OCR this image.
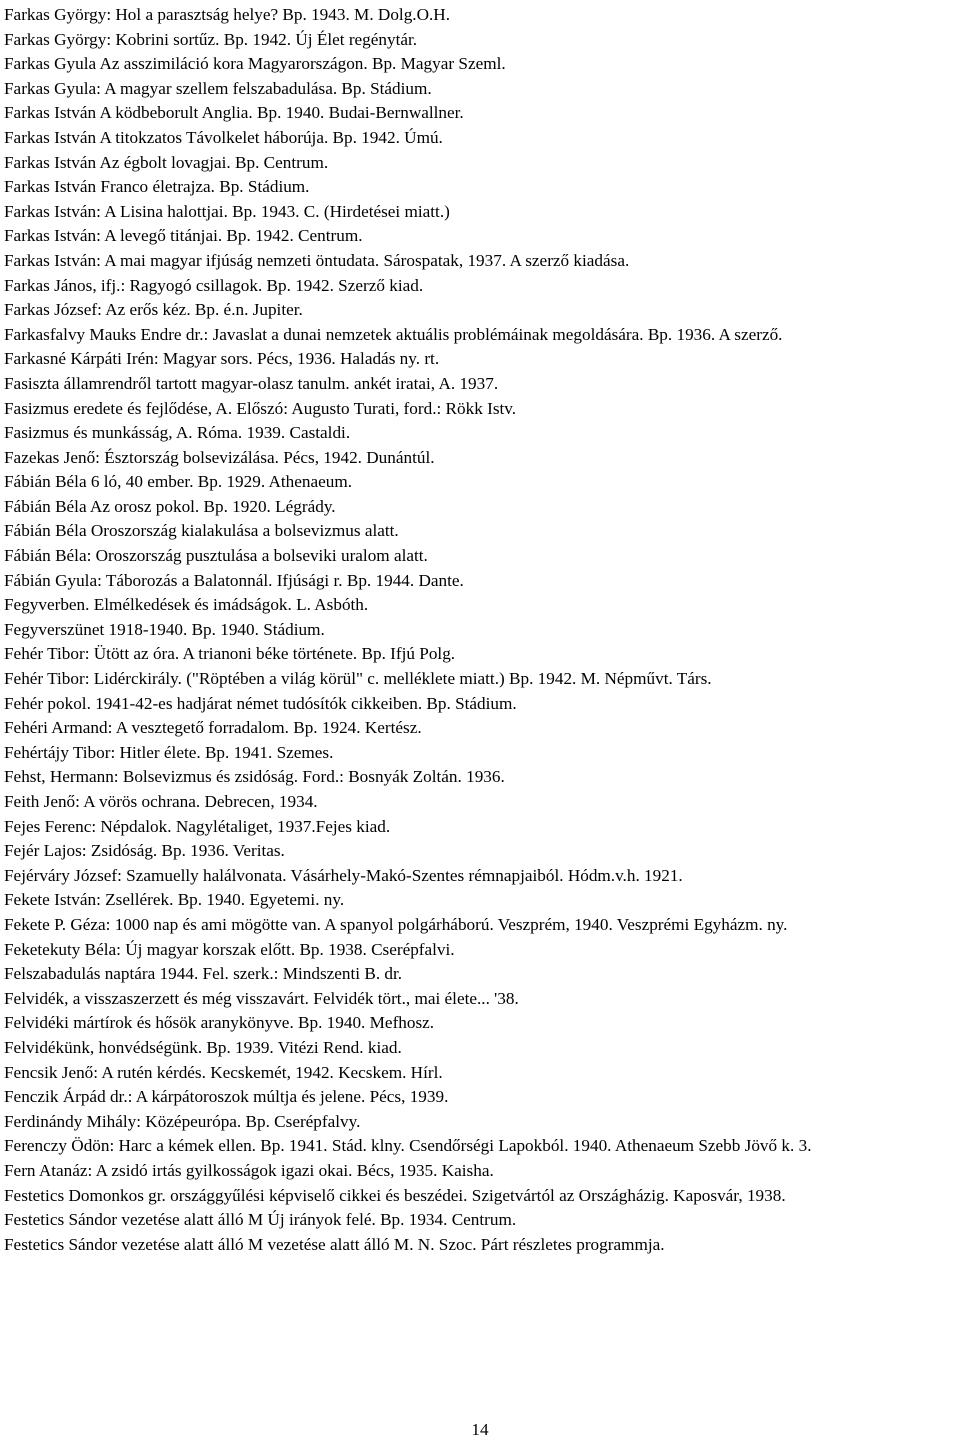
Farkas György: Hol a parasztság helye? Bp. 1943. M. Dolg.O.H.

Farkas György: Kobrini sortűz. Bp. 1942. Új Élet regénytár.

Farkas Gyula Az asszimiláció kora Magyarországon. Bp. Magyar Szeml.

Farkas Gyula: A magyar szellem felszabadulása. Bp. Stádium.

Farkas István A ködbeborult Anglia. Bp. 1940. Budai-Bernwallner.

Farkas István A titokzatos Távolkelet háborúja. Bp. 1942. Úmú.

Farkas István Az égbolt lovagjai. Bp. Centrum.

Farkas István Franco életrajza. Bp. Stádium.

Farkas István: A Lisina halottjai. Bp. 1943. C. (Hirdetései miatt.)

Farkas István: A levegő titánjai. Bp. 1942. Centrum.

Farkas István: A mai magyar ifjúság nemzeti öntudata. Sárospatak, 1937. A szerző kiadása.

Farkas János, ifj.: Ragyogó csillagok. Bp. 1942. Szerző kiad.

Farkas József: Az erős kéz. Bp. é.n. Jupiter.

Farkasfalvy Mauks Endre dr.: Javaslat a dunai nemzetek aktuális problémáinak megoldására. Bp. 1936. A szerző.

Farkasné Kárpáti Irén: Magyar sors. Pécs, 1936. Haladás ny. rt.

Fasiszta államrendről tartott magyar-olasz tanulm. ankét iratai, A. 1937.

Fasizmus eredete és fejlődése, A. Előszó: Augusto Turati, ford.: Rökk Istv.

Fasizmus és munkásság, A. Róma. 1939. Castaldi.

Fazekas Jenő: Észtország bolsevizálása. Pécs, 1942. Dunántúl.

Fábián Béla 6 ló, 40 ember. Bp. 1929. Athenaeum.

Fábián Béla Az orosz pokol. Bp. 1920. Légrády.

Fábián Béla Oroszország kialakulása a bolsevizmus alatt.

Fábián Béla: Oroszország pusztulása a bolseviki uralom alatt.

Fábián Gyula: Táborozás a Balatonnál. Ifjúsági r. Bp. 1944. Dante.

Fegyverben. Elmélkedések és imádságok. L. Asbóth.

Fegyverszünet 1918-1940. Bp. 1940. Stádium.

Fehér Tibor: Ütött az óra. A trianoni béke története. Bp. Ifjú Polg.

Fehér Tibor: Lidérckirály. ("Röptében a világ körül" c. melléklete miatt.) Bp. 1942. M. Népművt. Társ.

Fehér pokol. 1941-42-es hadjárat német tudósítók cikkeiben. Bp. Stádium.

Fehéri Armand: A vesztegető forradalom. Bp. 1924. Kertész.

Fehértájy Tibor: Hitler élete. Bp. 1941. Szemes.

Fehst, Hermann: Bolsevizmus és zsidóság. Ford.: Bosnyák Zoltán. 1936.

Feith Jenő: A vörös ochrana. Debrecen, 1934.

Fejes Ferenc: Népdalok. Nagylétaliget, 1937.Fejes kiad.

Fejér Lajos: Zsidóság. Bp. 1936. Veritas.

Fejérváry József: Szamuelly halálvonata. Vásárhely-Makó-Szentes rémnapjaiból. Hódm.v.h. 1921.

Fekete István: Zsellérek. Bp. 1940. Egyetemi. ny.

Fekete P. Géza: 1000 nap és ami mögötte van. A spanyol polgárháború. Veszprém, 1940. Veszprémi Egyházm. ny.

Feketekuty Béla: Új magyar korszak előtt. Bp. 1938. Cserépfalvi.

Felszabadulás naptára 1944. Fel. szerk.: Mindszenti B. dr.

Felvidék, a visszaszerzett és még visszavárt. Felvidék tört., mai élete... '38.

Felvidéki mártírok és hősök aranykönyve. Bp. 1940. Mefhosz.

Felvidékünk, honvédségünk. Bp. 1939. Vitézi Rend. kiad.

Fencsik Jenő: A rutén kérdés. Kecskemét, 1942. Kecskem. Hírl.

Fenczik Árpád dr.: A kárpátoroszok múltja és jelene. Pécs, 1939.

Ferdinándy Mihály: Középeurópa. Bp. Cserépfalvy.

Ferenczy Ödön: Harc a kémek ellen. Bp. 1941. Stád. klny. Csendőrségi Lapokból. 1940. Athenaeum Szebb Jövő k. 3.

Fern Atanáz: A zsidó irtás gyilkosságok igazi okai. Bécs, 1935. Kaisha.

Festetics Domonkos gr. országgyűlési képviselő cikkei és beszédei. Szigetvártól az Országházig. Kaposvár, 1938.

Festetics Sándor vezetése alatt álló M Új irányok felé. Bp. 1934. Centrum.

Festetics Sándor vezetése alatt álló M vezetése alatt álló M. N. Szoc. Párt részletes programmja.

14
